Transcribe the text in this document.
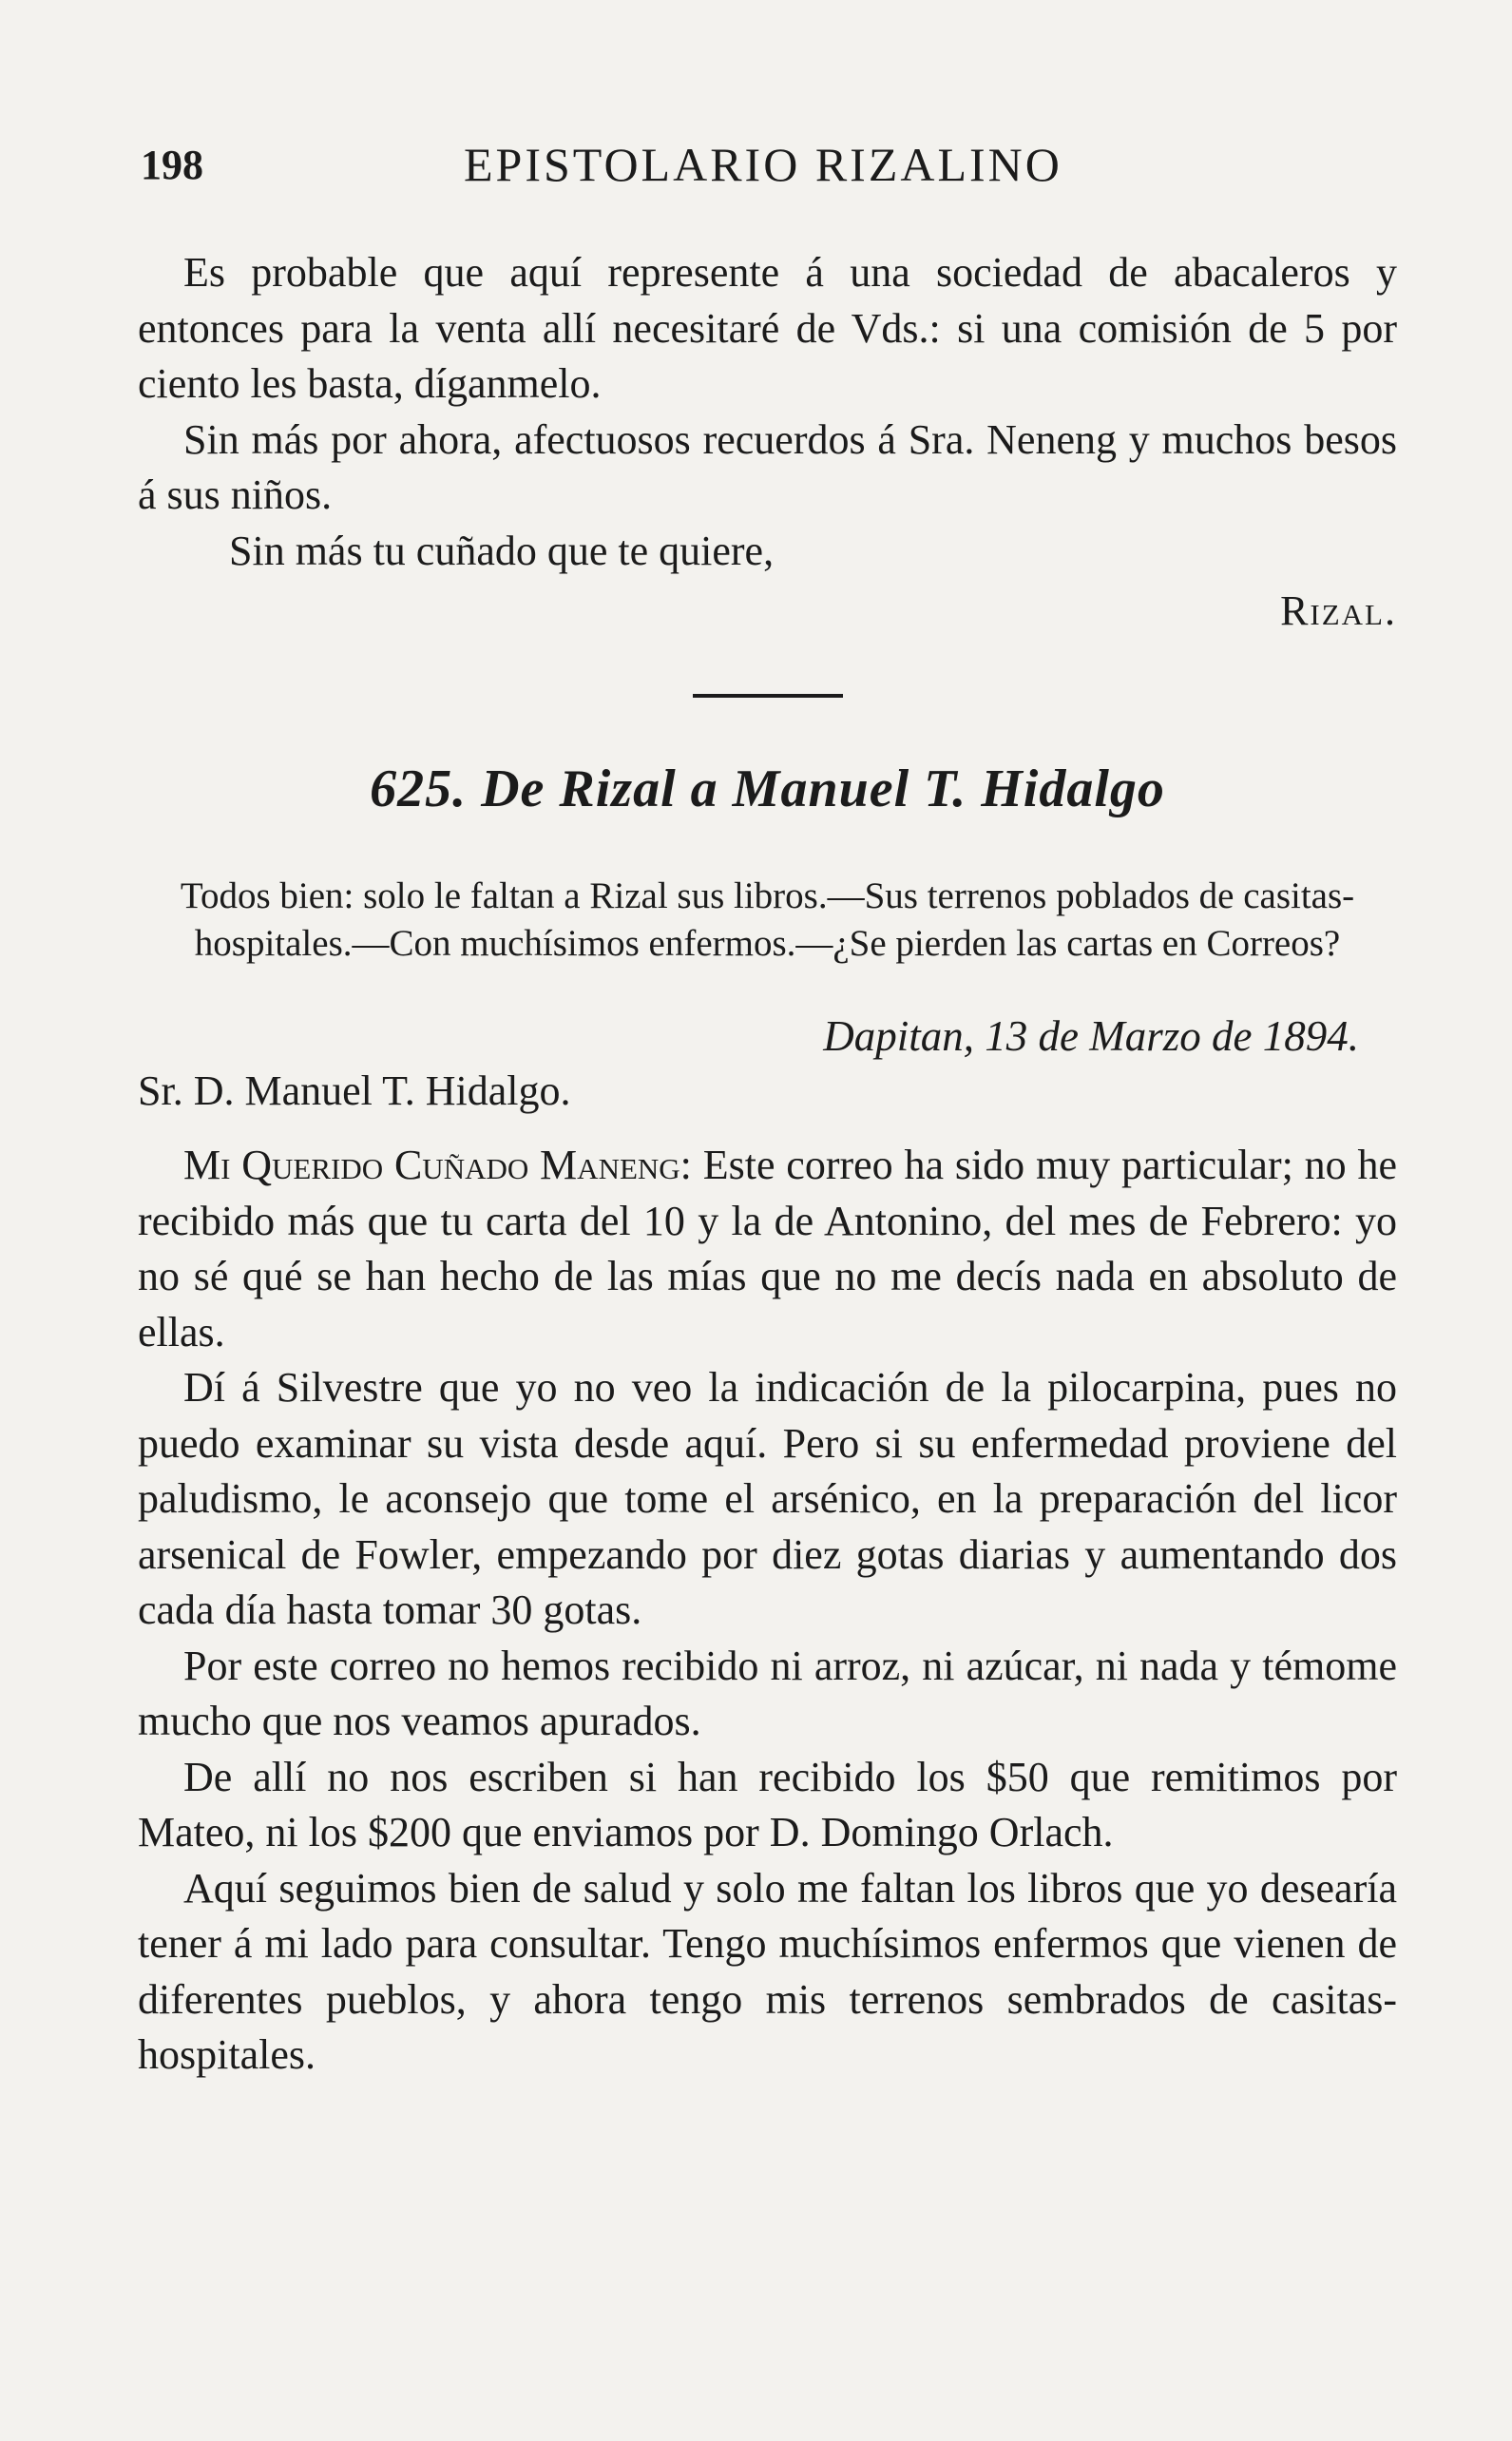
198	EPISTOLARIO RIZALINO

Es probable que aquí represente á una sociedad de abacaleros y entonces para la venta allí necesitaré de Vds.: si una comisión de 5 por ciento les basta, díganmelo.

Sin más por ahora, afectuosos recuerdos á Sra. Neneng y muchos besos á sus niños.

Sin más tu cuñado que te quiere,

Rizal.

625. De Rizal a Manuel T. Hidalgo

Todos bien: solo le faltan a Rizal sus libros.—Sus terrenos poblados de casitas-hospitales.—Con muchísimos enfermos.—¿Se pierden las cartas en Correos?

Dapitan, 13 de Marzo de 1894.

Sr. D. Manuel T. Hidalgo.

Mi Querido Cuñado Maneng: Este correo ha sido muy particular; no he recibido más que tu carta del 10 y la de Antonino, del mes de Febrero: yo no sé qué se han hecho de las mías que no me decís nada en absoluto de ellas.

Dí á Silvestre que yo no veo la indicación de la pilocarpina, pues no puedo examinar su vista desde aquí. Pero si su enfermedad proviene del paludismo, le aconsejo que tome el arsénico, en la preparación del licor arsenical de Fowler, empezando por diez gotas diarias y aumentando dos cada día hasta tomar 30 gotas.

Por este correo no hemos recibido ni arroz, ni azúcar, ni nada y témome mucho que nos veamos apurados.

De allí no nos escriben si han recibido los $50 que remitimos por Mateo, ni los $200 que enviamos por D. Domingo Orlach.

Aquí seguimos bien de salud y solo me faltan los libros que yo desearía tener á mi lado para consultar. Tengo muchísimos enfermos que vienen de diferentes pueblos, y ahora tengo mis terrenos sembrados de casitas-hospitales.
